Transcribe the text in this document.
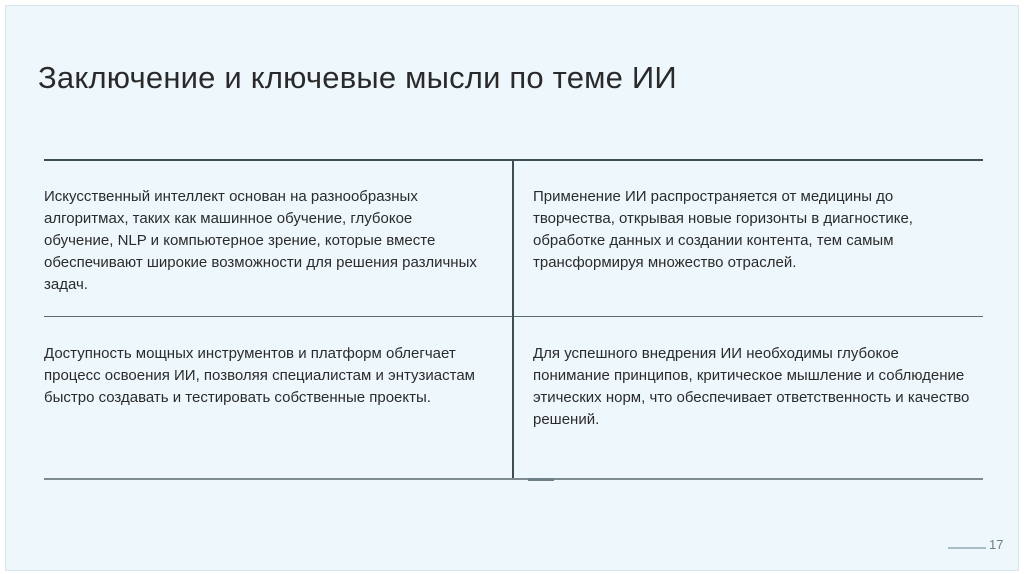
Заключение и ключевые мысли по теме ИИ

Искусственный интеллект основан на разнообразных алгоритмах, таких как машинное обучение, глубокое обучение, NLP и компьютерное зрение, которые вместе обеспечивают широкие возможности для решения различных задач.

Применение ИИ распространяется от медицины до творчества, открывая новые горизонты в диагностике, обработке данных и создании контента, тем самым трансформируя множество отраслей.

Доступность мощных инструментов и платформ облегчает процесс освоения ИИ, позволяя специалистам и энтузиастам быстро создавать и тестировать собственные проекты.

Для успешного внедрения ИИ необходимы глубокое понимание принципов, критическое мышление и соблюдение этических норм, что обеспечивает ответственность и качество решений.

17
